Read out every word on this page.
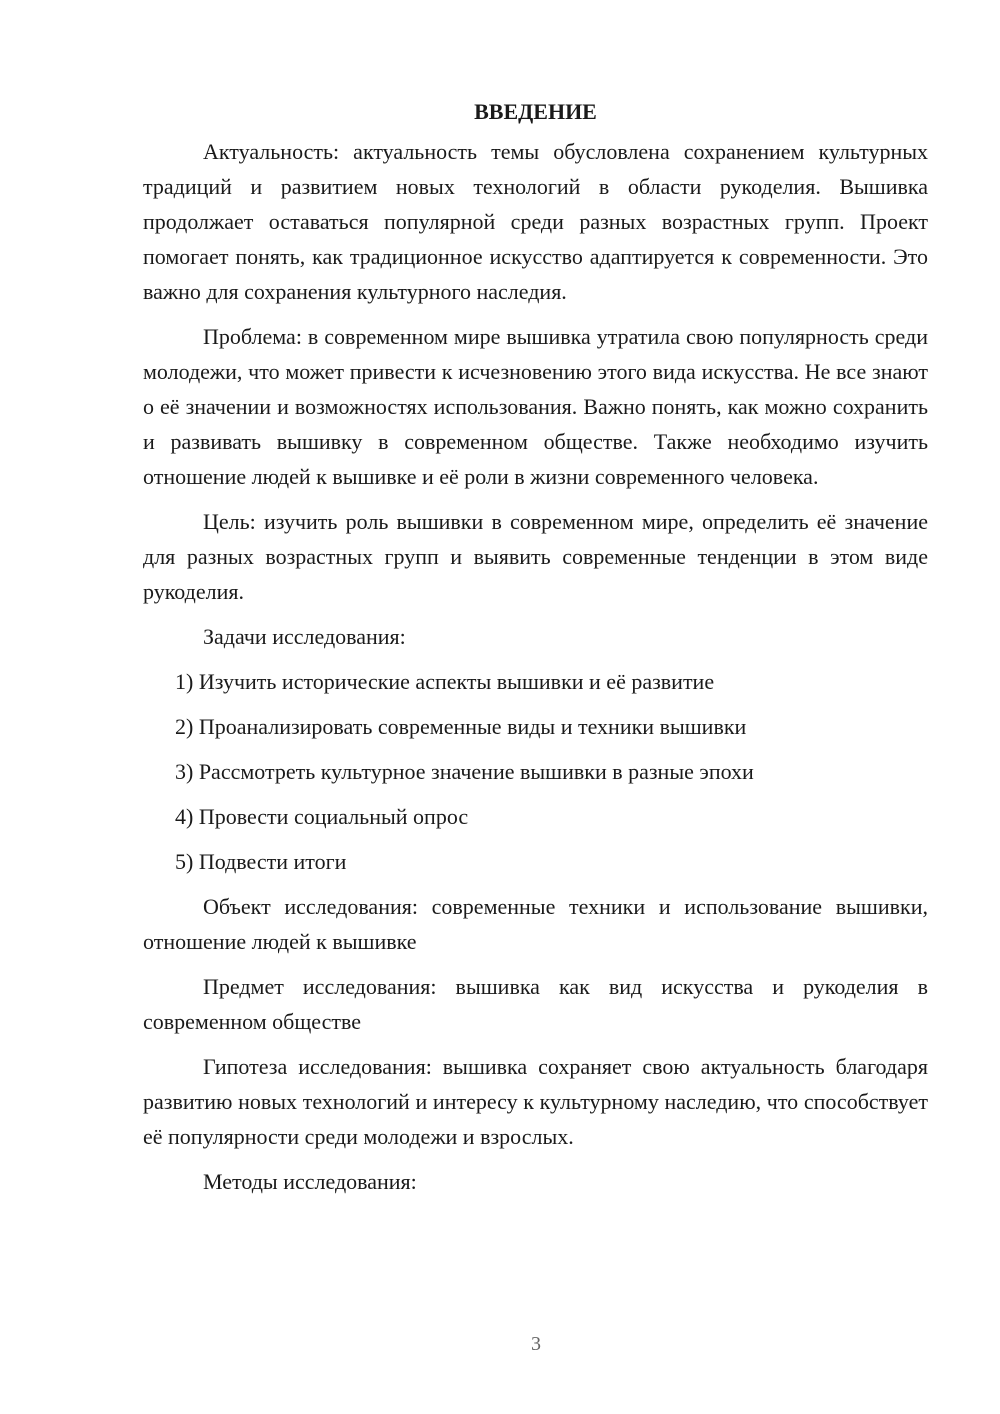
ВВЕДЕНИЕ

Актуальность: актуальность темы обусловлена сохранением культурных традиций и развитием новых технологий в области рукоделия. Вышивка продолжает оставаться популярной среди разных возрастных групп. Проект помогает понять, как традиционное искусство адаптируется к современности. Это важно для сохранения культурного наследия.

Проблема: в современном мире вышивка утратила свою популярность среди молодежи, что может привести к исчезновению этого вида искусства. Не все знают о её значении и возможностях использования. Важно понять, как можно сохранить и развивать вышивку в современном обществе. Также необходимо изучить отношение людей к вышивке и её роли в жизни современного человека.

Цель: изучить роль вышивки в современном мире, определить её значение для разных возрастных групп и выявить современные тенденции в этом виде рукоделия.

Задачи исследования:

1) Изучить исторические аспекты вышивки и её развитие
2) Проанализировать современные виды и техники вышивки
3) Рассмотреть культурное значение вышивки в разные эпохи
4) Провести социальный опрос
5) Подвести итоги

Объект исследования: современные техники и использование вышивки, отношение людей к вышивке

Предмет исследования: вышивка как вид искусства и рукоделия в современном обществе

Гипотеза исследования: вышивка сохраняет свою актуальность благодаря развитию новых технологий и интересу к культурному наследию, что способствует её популярности среди молодежи и взрослых.

Методы исследования:

3
